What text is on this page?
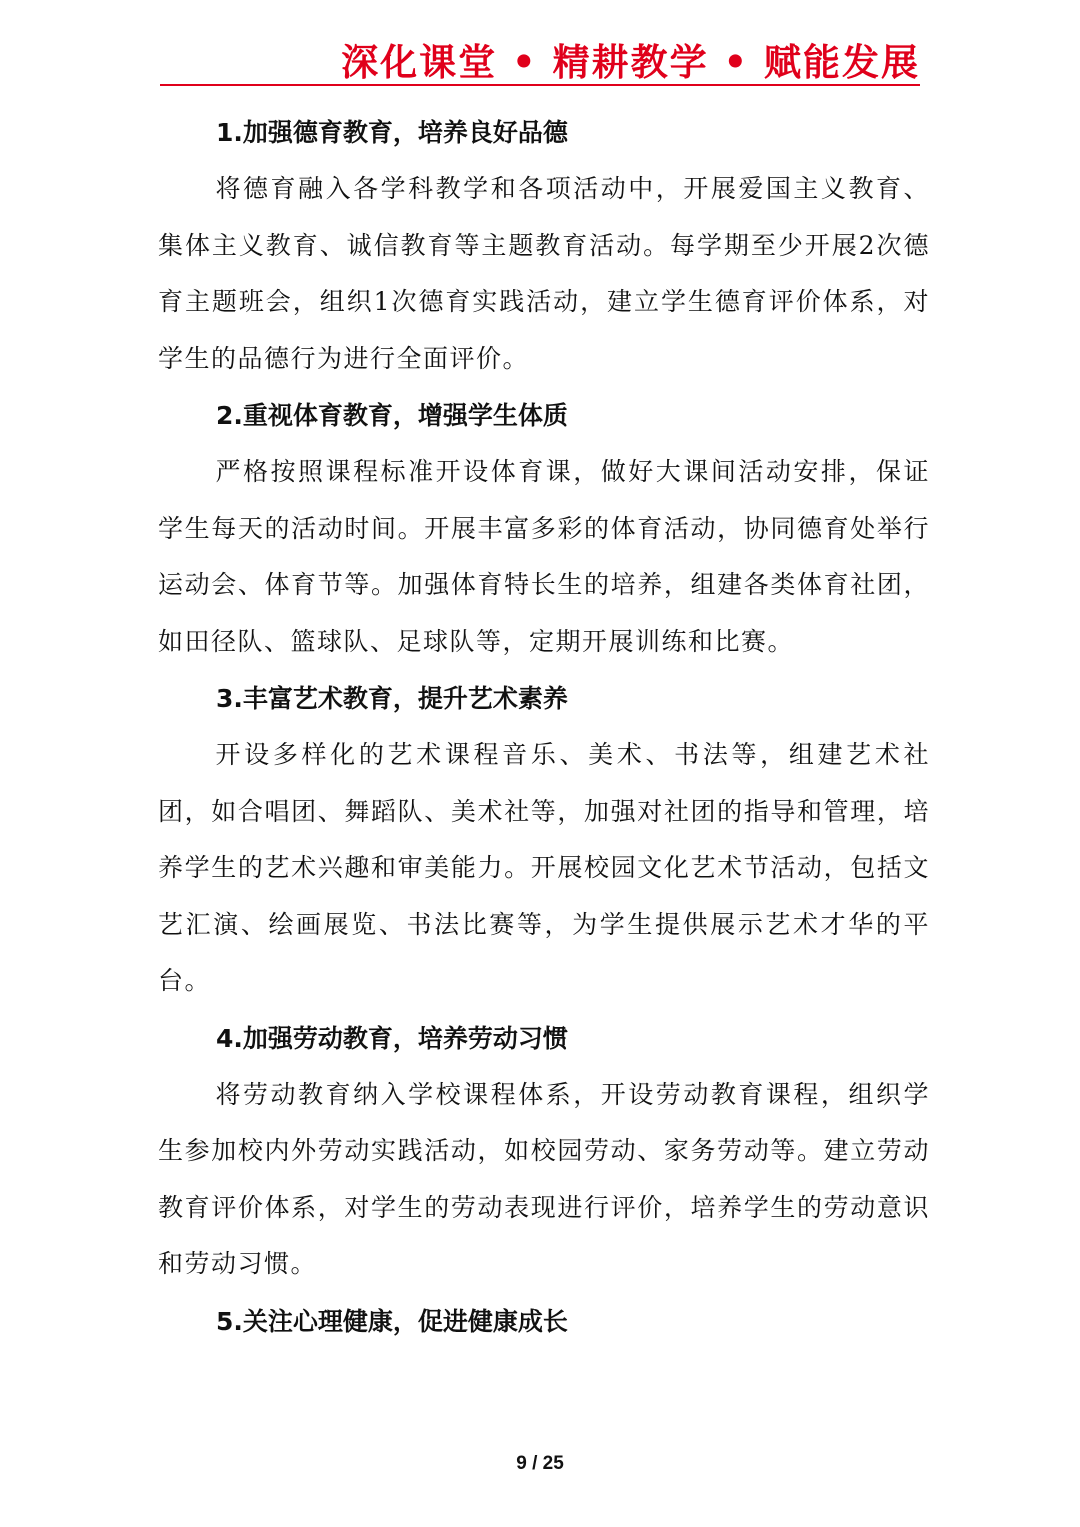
深化课堂 • 精耕教学 • 赋能发展
1.加强德育教育，培养良好品德

将德育融入各学科教学和各项活动中，开展爱国主义教育、集体主义教育、诚信教育等主题教育活动。每学期至少开展2次德育主题班会，组织1次德育实践活动，建立学生德育评价体系，对学生的品德行为进行全面评价。

2.重视体育教育，增强学生体质

严格按照课程标准开设体育课，做好大课间活动安排，保证学生每天的活动时间。开展丰富多彩的体育活动，协同德育处举行运动会、体育节等。加强体育特长生的培养，组建各类体育社团，如田径队、篮球队、足球队等，定期开展训练和比赛。

3.丰富艺术教育，提升艺术素养

开设多样化的艺术课程音乐、美术、书法等，组建艺术社团，如合唱团、舞蹈队、美术社等，加强对社团的指导和管理，培养学生的艺术兴趣和审美能力。开展校园文化艺术节活动，包括文艺汇演、绘画展览、书法比赛等，为学生提供展示艺术才华的平台。

4.加强劳动教育，培养劳动习惯

将劳动教育纳入学校课程体系，开设劳动教育课程，组织学生参加校内外劳动实践活动，如校园劳动、家务劳动等。建立劳动教育评价体系，对学生的劳动表现进行评价，培养学生的劳动意识和劳动习惯。

5.关注心理健康，促进健康成长
9 / 25
